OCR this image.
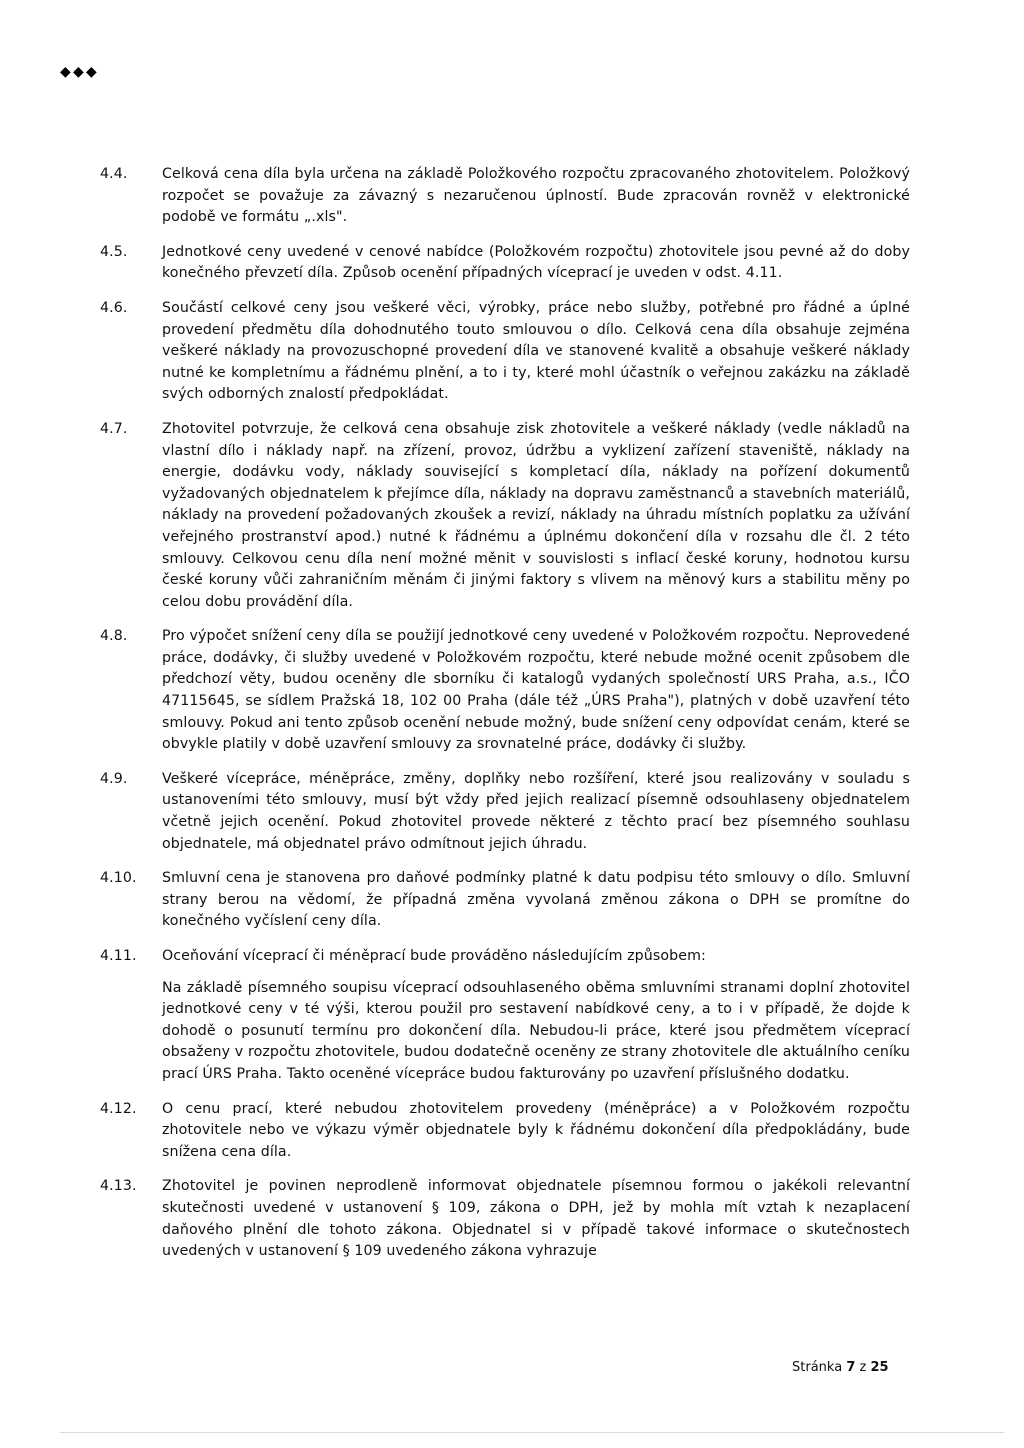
◆ ◆ ◆
4.4.	Celková cena díla byla určena na základě Položkového rozpočtu zpracovaného zhotovitelem. Položkový rozpočet se považuje za závazný s nezaručenou úplností. Bude zpracován rovněž v elektronické podobě ve formátu „.xls".

4.5.	Jednotkové ceny uvedené v cenové nabídce (Položkovém rozpočtu) zhotovitele jsou pevné až do doby konečného převzetí díla. Způsob ocenění případných víceprací je uveden v odst. 4.11.

4.6.	Součástí celkové ceny jsou veškeré věci, výrobky, práce nebo služby, potřebné pro řádné a úplné provedení předmětu díla dohodnutého touto smlouvou o dílo. Celková cena díla obsahuje zejména veškeré náklady na provozuschopné provedení díla ve stanovené kvalitě a obsahuje veškeré náklady nutné ke kompletnímu a řádnému plnění, a to i ty, které mohl účastník o veřejnou zakázku na základě svých odborných znalostí předpokládat.

4.7.	Zhotovitel potvrzuje, že celková cena obsahuje zisk zhotovitele a veškeré náklady (vedle nákladů na vlastní dílo i náklady např. na zřízení, provoz, údržbu a vyklizení zařízení staveniště, náklady na energie, dodávku vody, náklady související s kompletací díla, náklady na pořízení dokumentů vyžadovaných objednatelem k přejímce díla, náklady na dopravu zaměstnanců a stavebních materiálů, náklady na provedení požadovaných zkoušek a revizí, náklady na úhradu místních poplatku za užívání veřejného prostranství apod.) nutné k řádnému a úplnému dokončení díla v rozsahu dle čl. 2 této smlouvy. Celkovou cenu díla není možné měnit v souvislosti s inflací české koruny, hodnotou kursu české koruny vůči zahraničním měnám či jinými faktory s vlivem na měnový kurs a stabilitu měny po celou dobu provádění díla.

4.8.	Pro výpočet snížení ceny díla se použijí jednotkové ceny uvedené v Položkovém rozpočtu. Neprovedené práce, dodávky, či služby uvedené v Položkovém rozpočtu, které nebude možné ocenit způsobem dle předchozí věty, budou oceněny dle sborníku či katalogů vydaných společností URS Praha, a.s., IČO 47115645, se sídlem Pražská 18, 102 00 Praha (dále též „ÚRS Praha"), platných v době uzavření této smlouvy. Pokud ani tento způsob ocenění nebude možný, bude snížení ceny odpovídat cenám, které se obvykle platily v době uzavření smlouvy za srovnatelné práce, dodávky či služby.

4.9.	Veškeré vícepráce, méněpráce, změny, doplňky nebo rozšíření, které jsou realizovány v souladu s ustanoveními této smlouvy, musí být vždy před jejich realizací písemně odsouhlaseny objednatelem včetně jejich ocenění. Pokud zhotovitel provede některé z těchto prací bez písemného souhlasu objednatele, má objednatel právo odmítnout jejich úhradu.

4.10.	Smluvní cena je stanovena pro daňové podmínky platné k datu podpisu této smlouvy o dílo. Smluvní strany berou na vědomí, že případná změna vyvolaná změnou zákona o DPH se promítne do konečného vyčíslení ceny díla.

4.11.	Oceňování víceprací či méněprací bude prováděno následujícím způsobem:

Na základě písemného soupisu víceprací odsouhlaseného oběma smluvními stranami doplní zhotovitel jednotkové ceny v té výši, kterou použil pro sestavení nabídkové ceny, a to i v případě, že dojde k dohodě o posunutí termínu pro dokončení díla. Nebudou-li práce, které jsou předmětem víceprací obsaženy v rozpočtu zhotovitele, budou dodatečně oceněny ze strany zhotovitele dle aktuálního ceníku prací ÚRS Praha. Takto oceněné vícepráce budou fakturovány po uzavření příslušného dodatku.

4.12.	O cenu prací, které nebudou zhotovitelem provedeny (méněpráce) a v Položkovém rozpočtu zhotovitele nebo ve výkazu výměr objednatele byly k řádnému dokončení díla předpokládány, bude snížena cena díla.

4.13.	Zhotovitel je povinen neprodleně informovat objednatele písemnou formou o jakékoli relevantní skutečnosti uvedené v ustanovení § 109, zákona o DPH, jež by mohla mít vztah k nezaplacení daňového plnění dle tohoto zákona. Objednatel si v případě takové informace o skutečnostech uvedených v ustanovení § 109 uvedeného zákona vyhrazuje

Stránka 7 z 25
